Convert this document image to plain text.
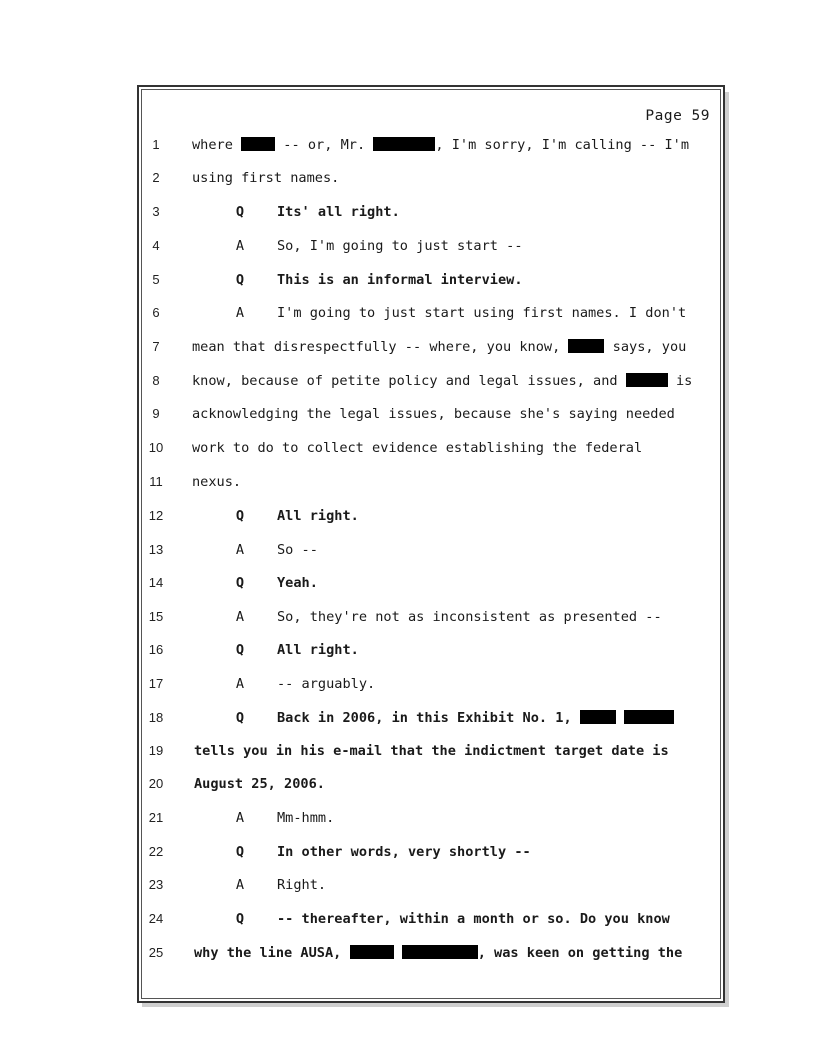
Page 59
1	where	-- or, Mr.	, I'm sorry, I'm calling -- I'm
2	using first names.
3	Q Its' all right.
4	A So, I'm going to just start --
5	Q This is an informal interview.
6	A I'm going to just start using first names. I don't
7	mean that disrespectfully -- where, you know,	says, you
8	know, because of petite policy and legal issues, and	is
9	acknowledging the legal issues, because she's saying needed
10 work to do to collect evidence establishing the federal
11	nexus.
12	Q All right.
13	A So --
14	Q Yeah.
15	A So, they're not as inconsistent as presented --
16	Q All right.
17	A -- arguably.
18	Q Back in 2006, in this Exhibit No. 1,
19 tells you in his e-mail that the indictment target date is
20 August 25, 2006.
21	A Mm-hmm.
22	Q In other words, very shortly --
23	A Right.
24	Q -- thereafter, within a month or so. Do you know
25 why the line AUSA,	, was keen on getting the
